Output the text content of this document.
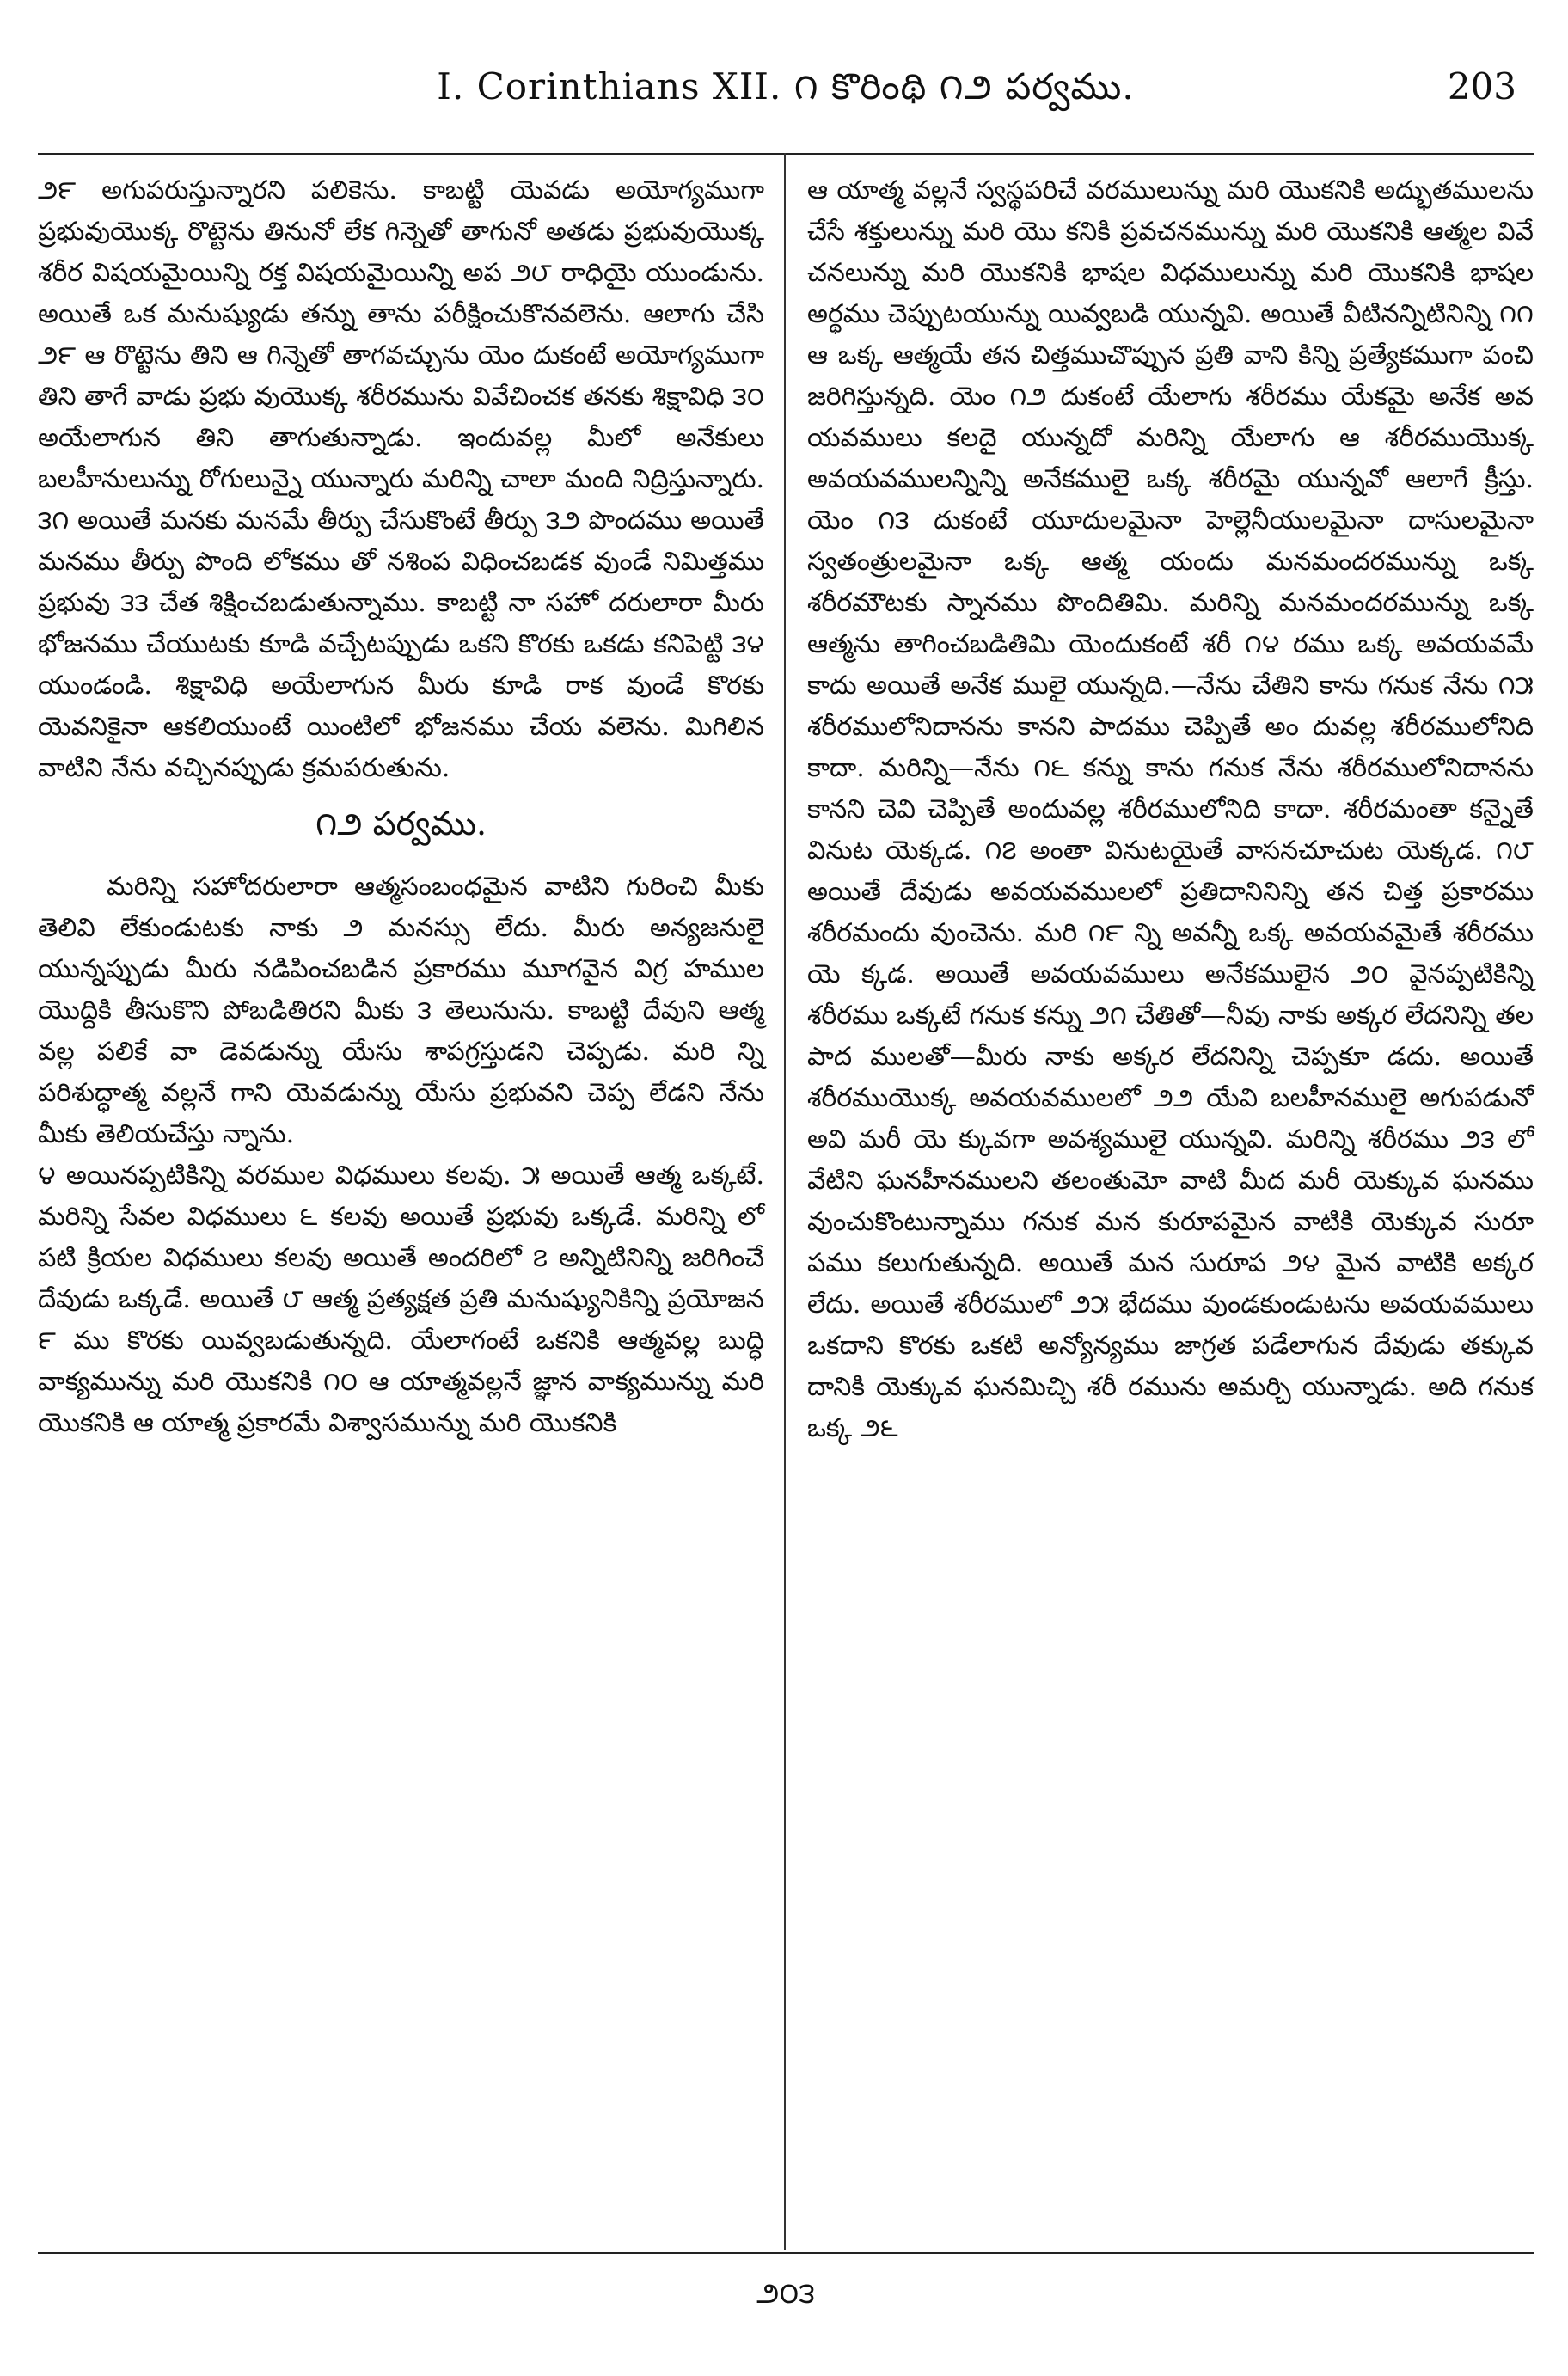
I. Corinthians XII. ౧ కొరింథి ౧౨ పర్వము.	203

౨౯ అగుపరుస్తున్నారని పలికెను. కాబట్టి యెవడు అయోగ్యముగా ప్రభువుయొక్క రొట్టెను తినునో లేక గిన్నెతో తాగునో అతడు ప్రభువుయొక్క శరీర విషయమైయిన్ని రక్త విషయమైయిన్ని అప ౨౮ రాధియై యుండును. అయితే ఒక మనుష్యుడు తన్ను తాను పరీక్షించుకొనవలెను. ఆలాగు చేసి ౨౯ ఆ రొట్టెను తిని ఆ గిన్నెతో తాగవచ్చును యెం దుకంటే అయోగ్యముగా తిని తాగే వాడు ప్రభు వుయొక్క శరీరమును వివేచించక తనకు శిక్షావిధి ౩౦ అయేలాగున తిని తాగుతున్నాడు. ఇందువల్ల మీలో అనేకులు బలహీనులున్ను రోగులున్నై యున్నారు మరిన్ని చాలా మంది నిద్రిస్తున్నారు. ౩౧ అయితే మనకు మనమే తీర్పు చేసుకొంటే తీర్పు ౩౨ పొందము అయితే మనము తీర్పు పొంది లోకము తో నశింప విధించబడక వుండే నిమిత్తము ప్రభువు ౩౩ చేత శిక్షించబడుతున్నాము. కాబట్టి నా సహో దరులారా మీరు భోజనము చేయుటకు కూడి వచ్చేటప్పుడు ఒకని కొరకు ఒకడు కనిపెట్టి ౩౪ యుండండి. శిక్షావిధి అయేలాగున మీరు కూడి రాక వుండే కొరకు యెవనికైనా ఆకలియుంటే యింటిలో భోజనము చేయ వలెను. మిగిలిన వాటిని నేను వచ్చినప్పుడు క్రమపరుతును.

౧౨ పర్వము.

మరిన్ని సహోదరులారా ఆత్మసంబంధమైన వాటిని గురించి మీకు తెలివి లేకుండుటకు నాకు ౨ మనస్సు లేదు. మీరు అన్యజనులై యున్నప్పుడు మీరు నడిపించబడిన ప్రకారము మూగవైన విగ్ర హముల యొద్దికి తీసుకొని పోబడితిరని మీకు ౩ తెలునును. కాబట్టి దేవుని ఆత్మ వల్ల పలికే వా డెవడున్ను యేసు శాపగ్రస్తుడని చెప్పడు. మరి న్ని పరిశుద్ధాత్మ వల్లనే గాని యెవడున్ను యేసు ప్రభువని చెప్ప లేడని నేను మీకు తెలియచేస్తు న్నాను.

౪ అయినప్పటికిన్ని వరముల విధములు కలవు. ౫ అయితే ఆత్మ ఒక్కటే. మరిన్ని సేవల విధములు ౬ కలవు అయితే ప్రభువు ఒక్కడే. మరిన్ని లో పటి క్రియల విధములు కలవు అయితే అందరిలో ౭ అన్నిటినిన్ని జరిగించే దేవుడు ఒక్కడే. అయితే ౮ ఆత్మ ప్రత్యక్షత ప్రతి మనుష్యునికిన్ని ప్రయోజన ౯ ము కొరకు యివ్వబడుతున్నది. యేలాగంటే ఒకనికి ఆత్మవల్ల బుద్ధి వాక్యమున్ను మరి యొకనికి ౧౦ ఆ యాత్మవల్లనే జ్ఞాన వాక్యమున్ను మరి యొకనికి ఆ యాత్మ ప్రకారమే విశ్వాసమున్ను మరి యొకనికి

ఆ యాత్మ వల్లనే స్వస్థపరిచే వరములున్ను మరి యొకనికి అద్భుతములను చేసే శక్తులున్ను మరి యొ కనికి ప్రవచనమున్ను మరి యొకనికి ఆత్మల వివే చనలున్ను మరి యొకనికి భాషల విధములున్ను మరి యొకనికి భాషల అర్థము చెప్పుటయున్ను యివ్వబడి యున్నవి. అయితే వీటినన్నిటినిన్ని ౧౧ ఆ ఒక్క ఆత్మయే తన చిత్తముచొప్పున ప్రతి వాని కిన్ని ప్రత్యేకముగా పంచి జరిగిస్తున్నది. యెం ౧౨ దుకంటే యేలాగు శరీరము యేకమై అనేక అవ యవములు కలదై యున్నదో మరిన్ని యేలాగు ఆ శరీరముయొక్క అవయవములన్నిన్ని అనేకములై ఒక్క శరీరమై యున్నవో ఆలాగే క్రీస్తు. యెం ౧౩ దుకంటే యూదులమైనా హెల్లెనీయులమైనా దాసులమైనా స్వతంత్రులమైనా ఒక్క ఆత్మ యందు మనమందరమున్ను ఒక్క శరీరమౌటకు స్నానము పొందితిమి. మరిన్ని మనమందరమున్ను ఒక్క ఆత్మను తాగించబడితిమి యెందుకంటే శరీ ౧౪ రము ఒక్క అవయవమే కాదు అయితే అనేక ములై యున్నది.—నేను చేతిని కాను గనుక నేను ౧౫ శరీరములోనిదానను కానని పాదము చెప్పితే అం దువల్ల శరీరములోనిది కాదా. మరిన్ని—నేను ౧౬ కన్ను కాను గనుక నేను శరీరములోనిదానను కానని చెవి చెప్పితే అందువల్ల శరీరములోనిది కాదా. శరీరమంతా కన్నైతే వినుట యెక్కడ. ౧౭ అంతా వినుటయైతే వాసనచూచుట యెక్కడ. ౧౮ అయితే దేవుడు అవయవములలో ప్రతిదానినిన్ని తన చిత్త ప్రకారము శరీరమందు వుంచెను. మరి ౧౯ న్ని అవన్నీ ఒక్క అవయవమైతే శరీరము యె క్కడ. అయితే అవయవములు అనేకములైన ౨౦ వైనప్పటికిన్ని శరీరము ఒక్కటే గనుక కన్ను ౨౧ చేతితో—నీవు నాకు అక్కర లేదనిన్ని తల పాద ములతో—మీరు నాకు అక్కర లేదనిన్ని చెప్పకూ డదు. అయితే శరీరముయొక్క అవయవములలో ౨౨ యేవి బలహీనములై అగుపడునో అవి మరీ యె క్కువగా అవశ్యములై యున్నవి. మరిన్ని శరీరము ౨౩ లో వేటిని ఘనహీనములని తలంతుమో వాటి మీద మరీ యెక్కువ ఘనము వుంచుకొంటున్నాము గనుక మన కురూపమైన వాటికి యెక్కువ సురూ పము కలుగుతున్నది. అయితే మన సురూప ౨౪ మైన వాటికి అక్కర లేదు. అయితే శరీరములో ౨౫ భేదము వుండకుండుటను అవయవములు ఒకదాని కొరకు ఒకటి అన్యోన్యము జాగ్రత పడేలాగున దేవుడు తక్కువ దానికి యెక్కువ ఘనమిచ్చి శరీ రమును అమర్చి యున్నాడు. అది గనుక ఒక్క ౨౬

౨౦౩
